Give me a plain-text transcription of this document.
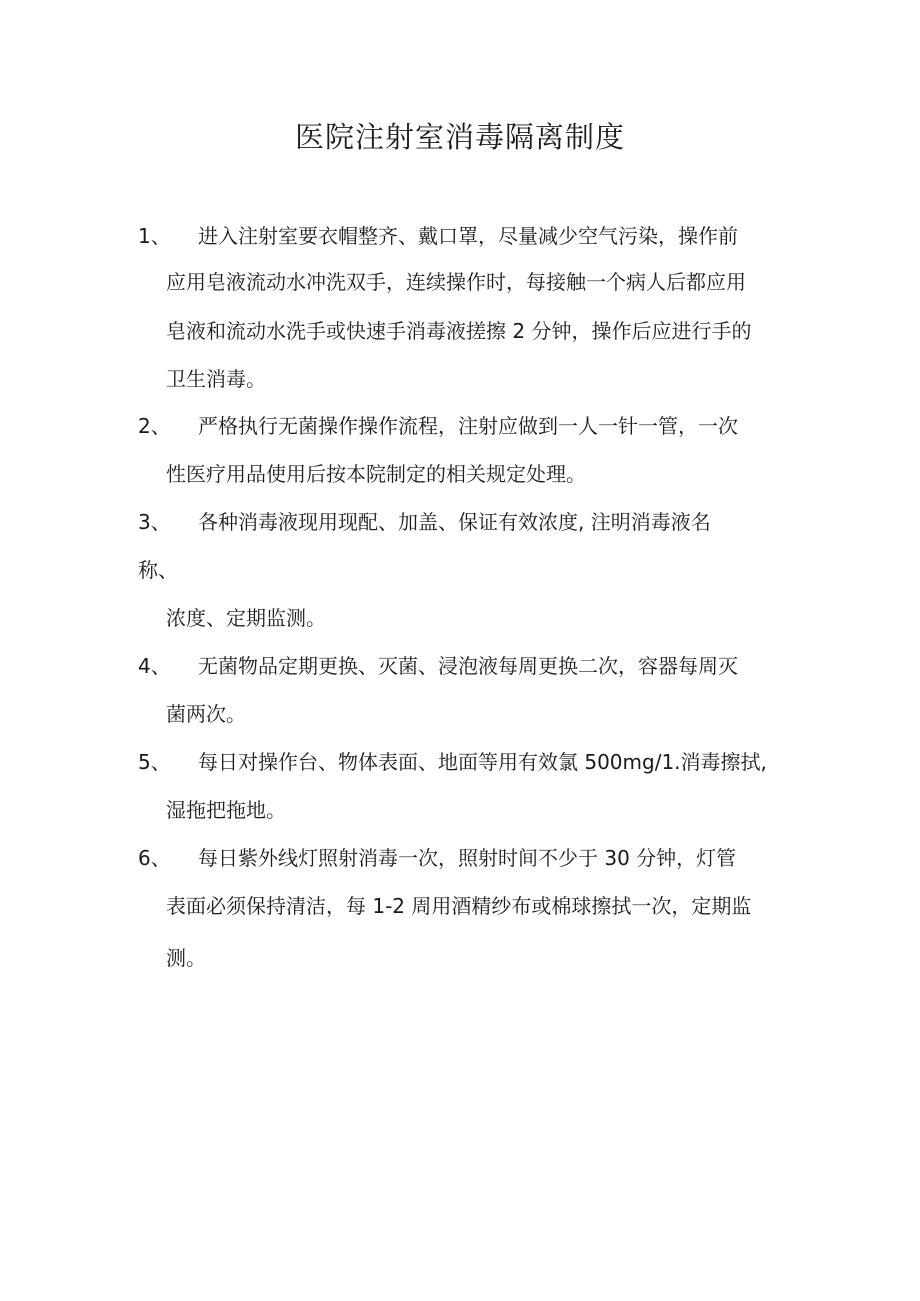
医院注射室消毒隔离制度
1、 进入注射室要衣帽整齐、戴口罩，尽量减少空气污染，操作前
应用皂液流动水冲洗双手，连续操作时，每接触一个病人后都应用
皂液和流动水洗手或快速手消毒液搓擦 2 分钟，操作后应进行手的
卫生消毒。
2、 严格执行无菌操作操作流程，注射应做到一人一针一管，一次
性医疗用品使用后按本院制定的相关规定处理。
3、 各种消毒液现用现配、加盖、保证有效浓度, 注明消毒液名
称、
浓度、定期监测。
4、 无菌物品定期更换、灭菌、浸泡液每周更换二次，容器每周灭
菌两次。
5、 每日对操作台、物体表面、地面等用有效氯 500mg/1.消毒擦拭,
湿拖把拖地。
6、 每日紫外线灯照射消毒一次，照射时间不少于 30 分钟，灯管
表面必须保持清洁，每 1-2 周用酒精纱布或棉球擦拭一次，定期监
测。
